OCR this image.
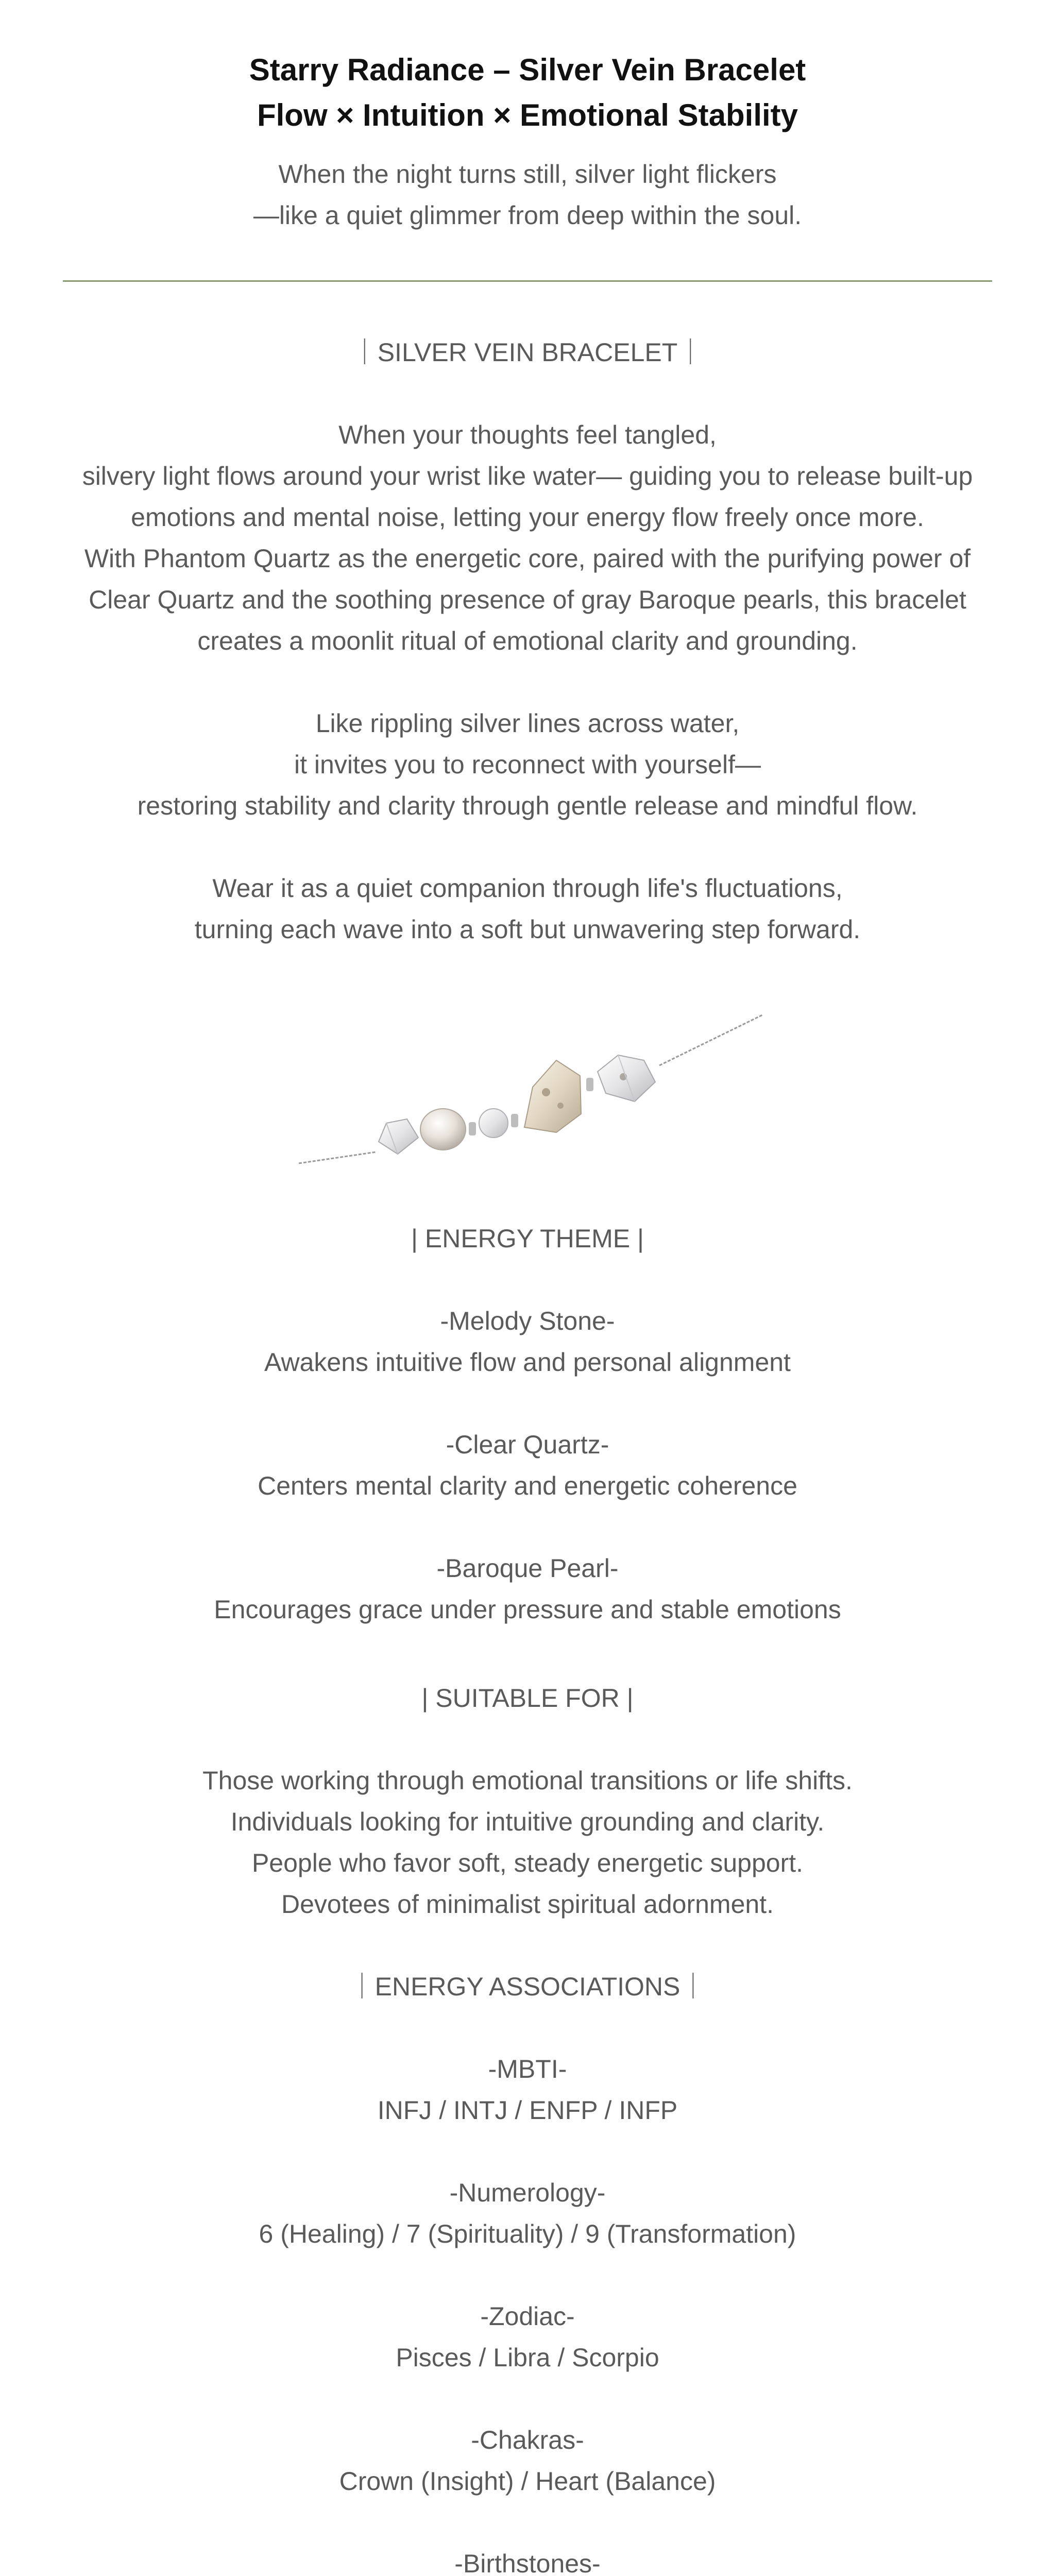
Starry Radiance – Silver Vein Bracelet
Flow × Intuition × Emotional Stability
When the night turns still, silver light flickers
—like a quiet glimmer from deep within the soul.
｜SILVER VEIN BRACELET｜
When your thoughts feel tangled,
silvery light flows around your wrist like water— guiding you to release built-up
emotions and mental noise, letting your energy flow freely once more.
With Phantom Quartz as the energetic core, paired with the purifying power of
Clear Quartz and the soothing presence of gray Baroque pearls, this bracelet
creates a moonlit ritual of emotional clarity and grounding.
Like rippling silver lines across water,
it invites you to reconnect with yourself—
restoring stability and clarity through gentle release and mindful flow.
Wear it as a quiet companion through life's fluctuations,
turning each wave into a soft but unwavering step forward.
| ENERGY THEME |
-Melody Stone-
Awakens intuitive flow and personal alignment
-Clear Quartz-
Centers mental clarity and energetic coherence
-Baroque Pearl-
Encourages grace under pressure and stable emotions
| SUITABLE FOR |
Those working through emotional transitions or life shifts.
Individuals looking for intuitive grounding and clarity.
People who favor soft, steady energetic support.
Devotees of minimalist spiritual adornment.
｜ENERGY ASSOCIATIONS｜
-MBTI-
INFJ / INTJ / ENFP / INFP
-Numerology-
6 (Healing) / 7 (Spirituality) / 9 (Transformation)
-Zodiac-
Pisces / Libra / Scorpio
-Chakras-
Crown (Insight) / Heart (Balance)
-Birthstones-
